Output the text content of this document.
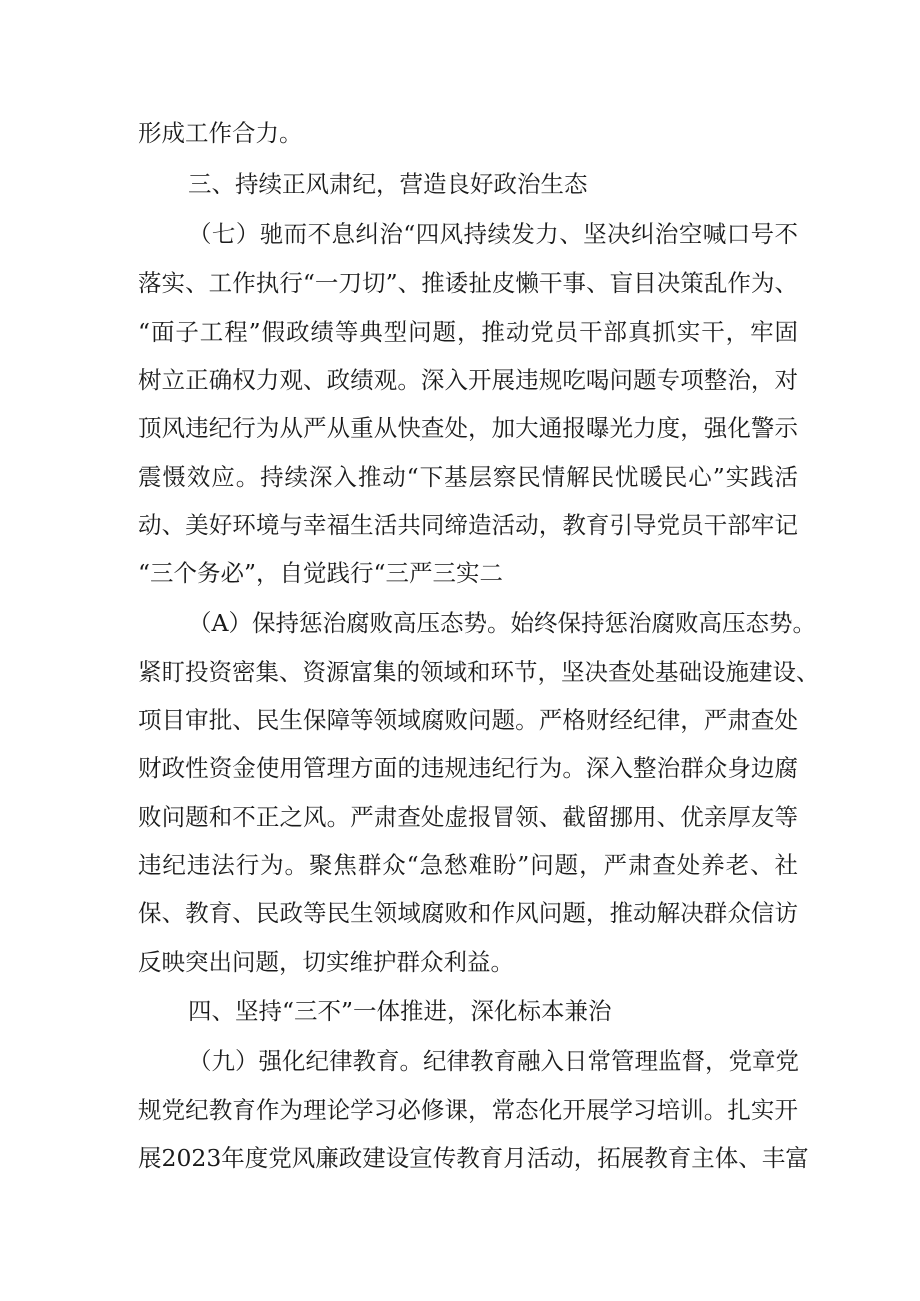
形成工作合力。
三、持续正风肃纪，营造良好政治生态
（七）驰而不息纠治“四风持续发力、坚决纠治空喊口号不
落实、工作执行“一刀切”、推诿扯皮懒干事、盲目决策乱作为、
“面子工程”假政绩等典型问题，推动党员干部真抓实干，牢固
树立正确权力观、政绩观。深入开展违规吃喝问题专项整治，对
顶风违纪行为从严从重从快查处，加大通报曝光力度，强化警示
震慑效应。持续深入推动“下基层察民情解民忧暖民心”实践活
动、美好环境与幸福生活共同缔造活动，教育引导党员干部牢记
“三个务必”，自觉践行“三严三实二
（A）保持惩治腐败高压态势。始终保持惩治腐败高压态势。
紧盯投资密集、资源富集的领域和环节，坚决查处基础设施建设、
项目审批、民生保障等领域腐败问题。严格财经纪律，严肃查处
财政性资金使用管理方面的违规违纪行为。深入整治群众身边腐
败问题和不正之风。严肃查处虚报冒领、截留挪用、优亲厚友等
违纪违法行为。聚焦群众“急愁难盼”问题，严肃查处养老、社
保、教育、民政等民生领域腐败和作风问题，推动解决群众信访
反映突出问题，切实维护群众利益。
四、坚持“三不”一体推进，深化标本兼治
（九）强化纪律教育。纪律教育融入日常管理监督，党章党
规党纪教育作为理论学习必修课，常态化开展学习培训。扎实开
展2023年度党风廉政建设宣传教育月活动，拓展教育主体、丰富
